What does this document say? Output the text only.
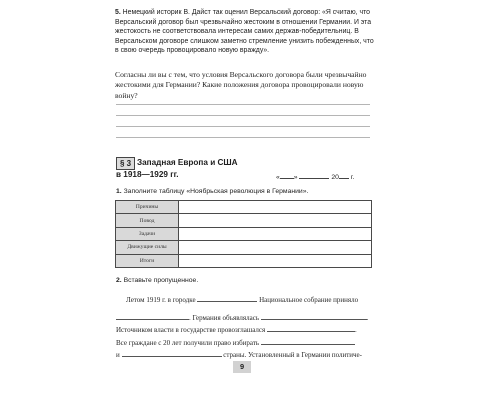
5. Немецкий историк В. Дайст так оценил Версальский договор: «Я считаю, что Версальский договор был чрезвычайно жестоким в отношении Германии. И эта жестокость не соответствовала интересам самих держав-победительниц. В Версальском договоре слишком заметно стремление унизить побежденных, что в свою очередь провоцировало новую вражду».
Согласны ли вы с тем, что условия Версальского договора были чрезвычайно жестокими для Германии? Какие положения договора провоцировали новую войну?
§ 3 Западная Европа и США
в 1918—1929 гг.	« »	20 г.
1. Заполните таблицу «Ноябрьская революция в Германии».
Причины	
Повод	
Задачи	
Движущие силы	
Итоги	
2. Вставьте пропущенное.
Летом 1919 г. в городке	Национальное собрание приняло
. Германия объявлялась	.
Источником власти в государстве провозглашался	.
Все граждане с 20 лет получили право избирать
и	страны. Установленный в Германии политиче-
9
